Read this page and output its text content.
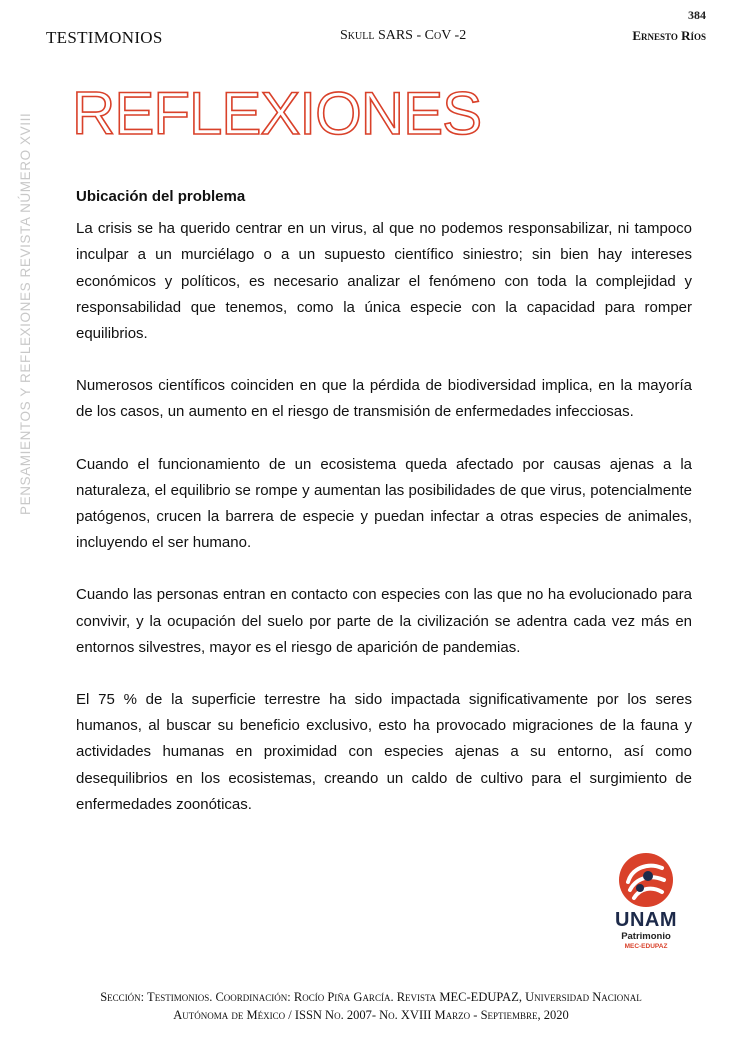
384
TESTIMONIOS	Skull SARS - CoV -2	Ernesto Ríos
PENSAMIENTOS Y REFLEXIONES REVISTA NÚMERO XVIII REFLEXIONES
Ubicación del problema

La crisis se ha querido centrar en un virus, al que no podemos responsabilizar, ni tampoco inculpar a un murciélago o a un supuesto científico siniestro; sin bien hay intereses económicos y políticos, es necesario analizar el fenómeno con toda la complejidad y responsabilidad que tenemos, como la única especie con la capacidad para romper equilibrios.

Numerosos científicos coinciden en que la pérdida de biodiversidad implica, en la mayoría de los casos, un aumento en el riesgo de transmisión de enfermedades infecciosas.

Cuando el funcionamiento de un ecosistema queda afectado por causas ajenas a la naturaleza, el equilibrio se rompe y aumentan las posibilidades de que virus, potencialmente patógenos, crucen la barrera de especie y puedan infectar a otras especies de animales, incluyendo el ser humano.

Cuando las personas entran en contacto con especies con las que no ha evolucionado para convivir, y la ocupación del suelo por parte de la civilización se adentra cada vez más en entornos silvestres, mayor es el riesgo de aparición de pandemias.

El 75 % de la superficie terrestre ha sido impactada significativamente por los seres humanos, al buscar su beneficio exclusivo, esto ha provocado migraciones de la fauna y actividades humanas en proximidad con especies ajenas a su entorno, así como desequilibrios en los ecosistemas, creando un caldo de cultivo para el surgimiento de enfermedades zoonóticas.

UNAM
Patrimonio
MEC-EDUPAZ
Sección: Testimonios. Coordinación: Rocío Piña García. Revista MEC-EDUPAZ, Universidad Nacional
Autónoma de México / ISSN No. 2007- No. XVIII Marzo - Septiembre, 2020
